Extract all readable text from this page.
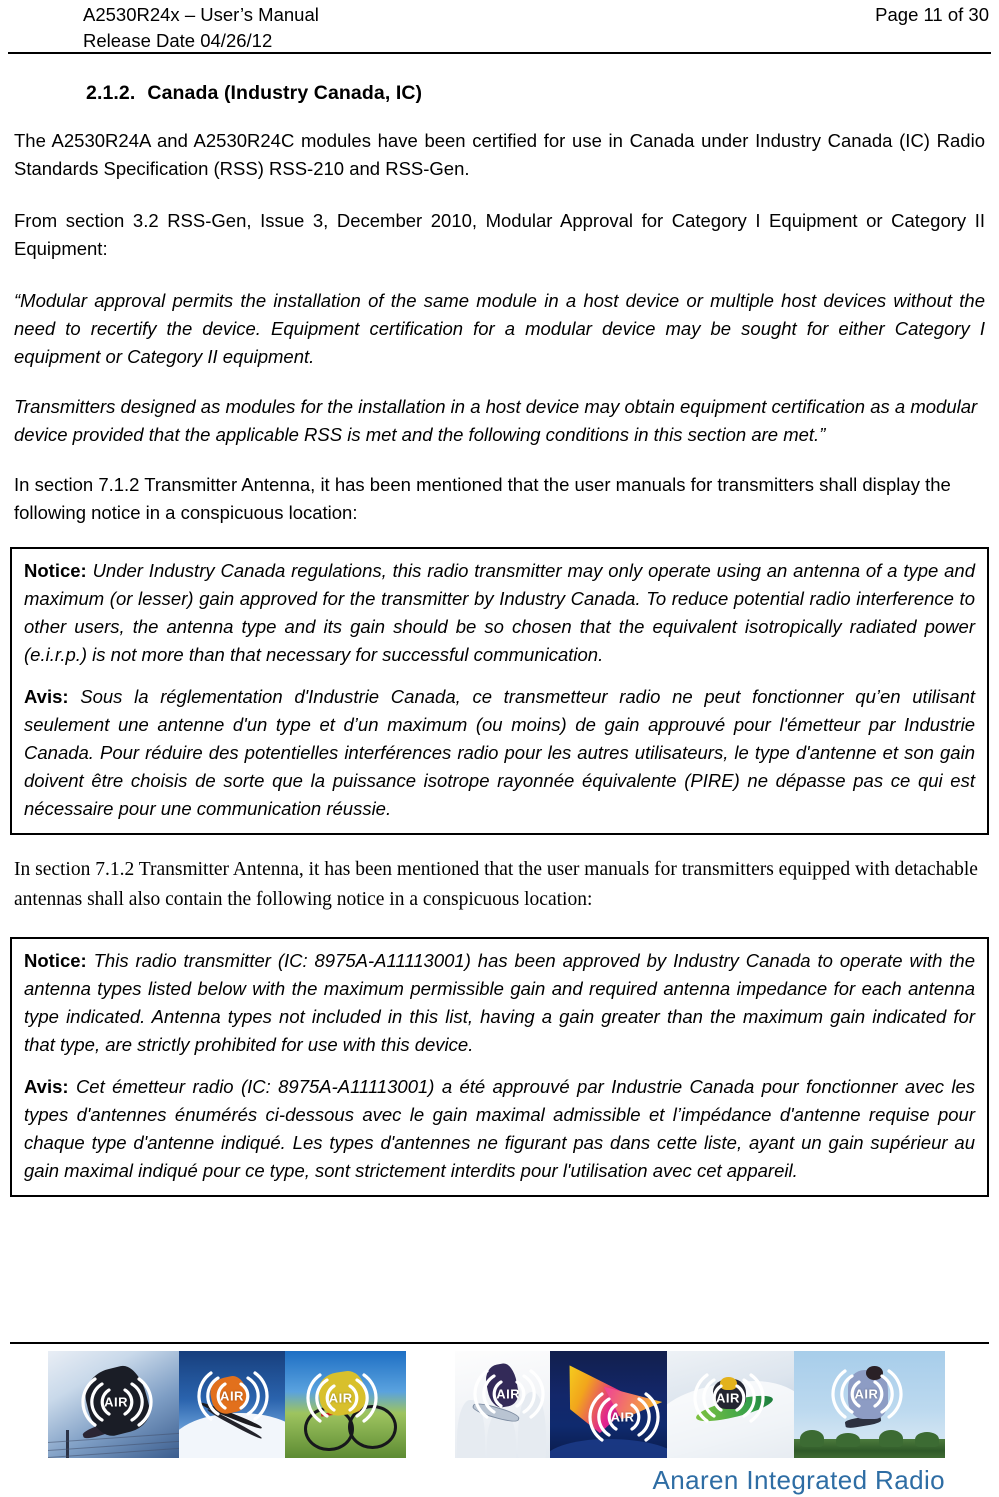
A2530R24x – User’s Manual
Release Date 04/26/12
Page 11 of 30
2.1.2. Canada (Industry Canada, IC)

The A2530R24A and A2530R24C modules have been certified for use in Canada under Industry Canada (IC) Radio Standards Specification (RSS) RSS-210 and RSS-Gen.

From section 3.2 RSS-Gen, Issue 3, December 2010, Modular Approval for Category I Equipment or Category II Equipment:

“Modular approval permits the installation of the same module in a host device or multiple host devices without the need to recertify the device. Equipment certification for a modular device may be sought for either Category I equipment or Category II equipment.

Transmitters designed as modules for the installation in a host device may obtain equipment certification as a modular device provided that the applicable RSS is met and the following conditions in this section are met.”

In section 7.1.2 Transmitter Antenna, it has been mentioned that the user manuals for transmitters shall display the following notice in a conspicuous location:

Notice: Under Industry Canada regulations, this radio transmitter may only operate using an antenna of a type and maximum (or lesser) gain approved for the transmitter by Industry Canada. To reduce potential radio interference to other users, the antenna type and its gain should be so chosen that the equivalent isotropically radiated power (e.i.r.p.) is not more than that necessary for successful communication.

Avis: Sous la réglementation d'Industrie Canada, ce transmetteur radio ne peut fonctionner qu’en utilisant seulement une antenne d'un type et d’un maximum (ou moins) de gain approuvé pour l'émetteur par Industrie Canada. Pour réduire des potentielles interférences radio pour les autres utilisateurs, le type d'antenne et son gain doivent être choisis de sorte que la puissance isotrope rayonnée équivalente (PIRE) ne dépasse pas ce qui est nécessaire pour une communication réussie.

In section 7.1.2 Transmitter Antenna, it has been mentioned that the user manuals for transmitters equipped with detachable antennas shall also contain the following notice in a conspicuous location:

Notice: This radio transmitter (IC: 8975A-A11113001) has been approved by Industry Canada to operate with the antenna types listed below with the maximum permissible gain and required antenna impedance for each antenna type indicated. Antenna types not included in this list, having a gain greater than the maximum gain indicated for that type, are strictly prohibited for use with this device.

Avis: Cet émetteur radio (IC: 8975A-A11113001) a été approuvé par Industrie Canada pour fonctionner avec les types d'antennes énumérés ci-dessous avec le gain maximal admissible et l’impédance d'antenne requise pour chaque type d'antenne indiqué. Les types d'antennes ne figurant pas dans cette liste, ayant un gain supérieur au gain maximal indiqué pour ce type, sont strictement interdits pour l'utilisation avec cet appareil.

AIR	AIR	AIR	AIR
AIR
AIR	AIR
Anaren Integrated Radio
